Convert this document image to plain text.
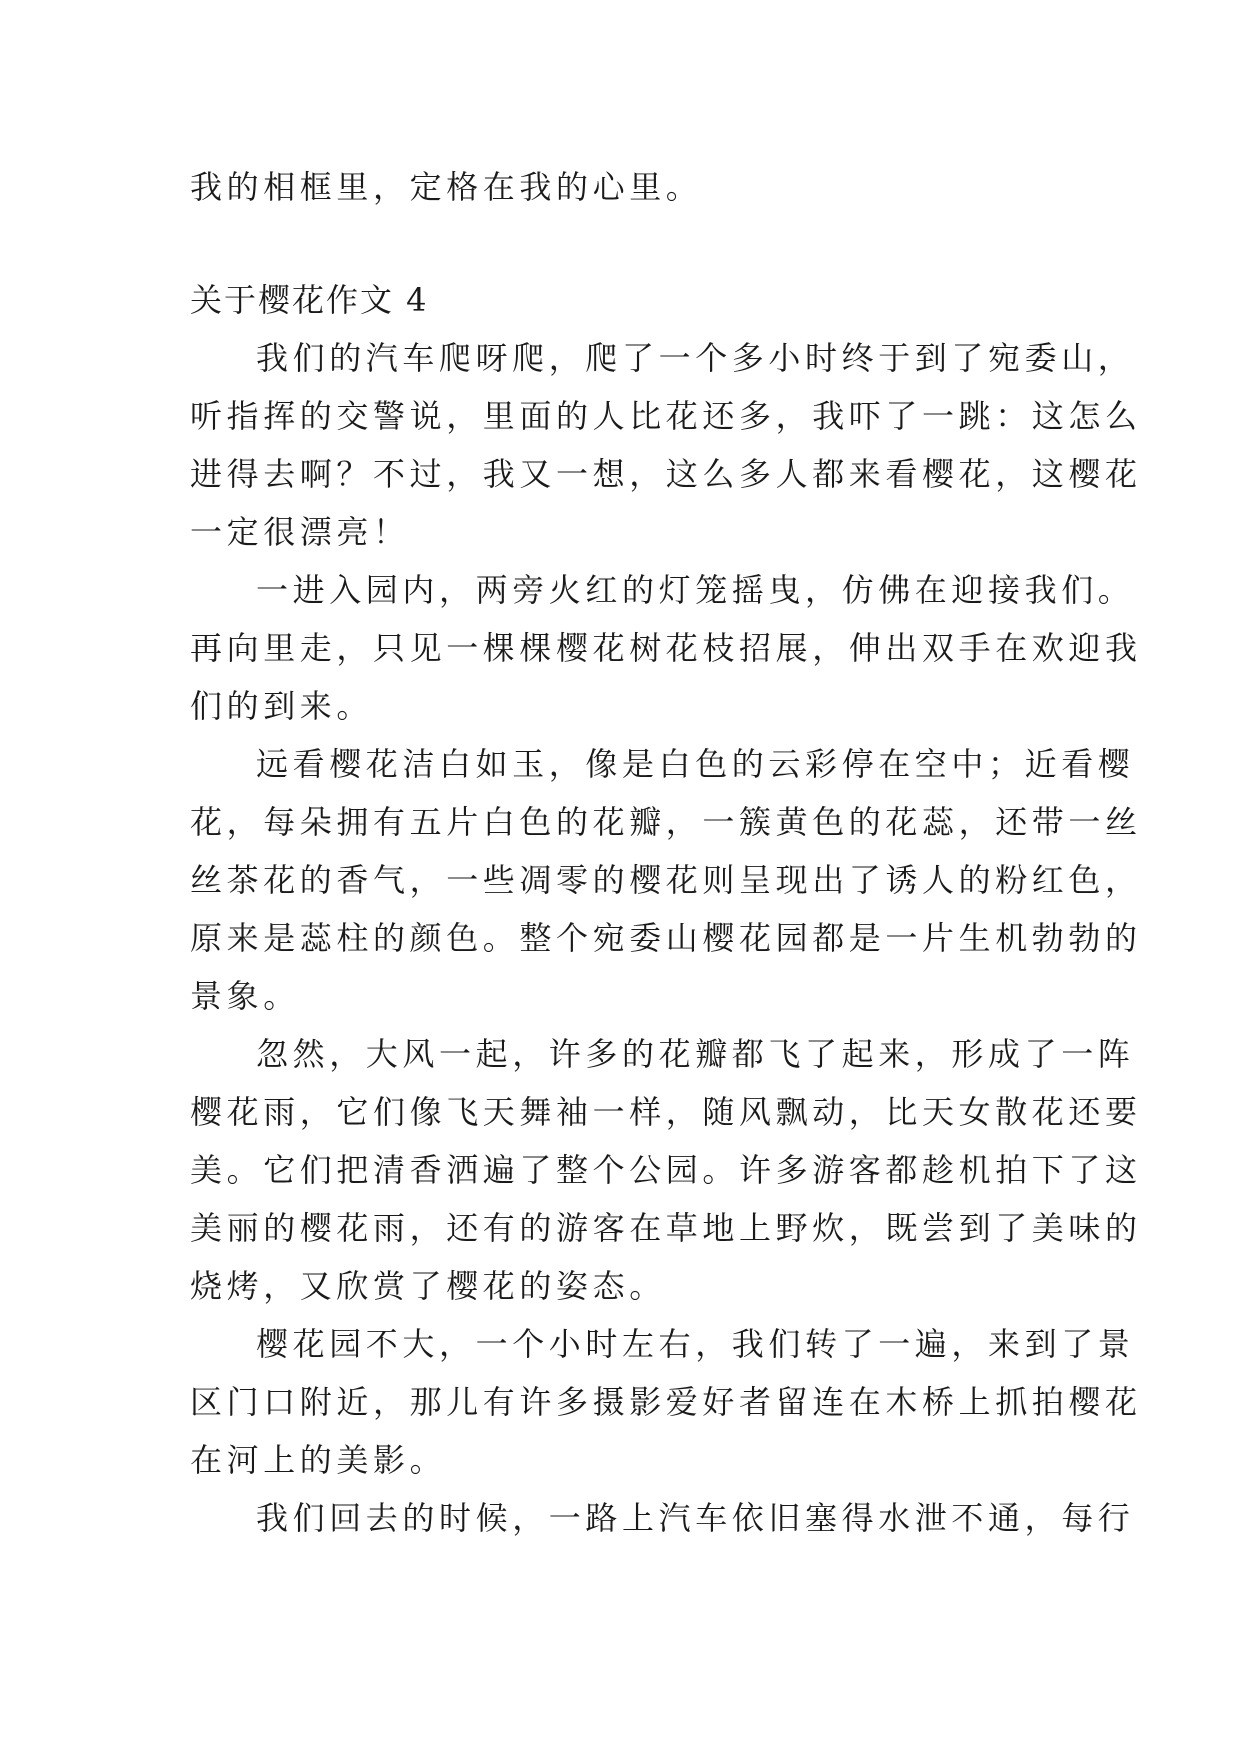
我的相框里，定格在我的心里。

关于樱花作文 4

我们的汽车爬呀爬，爬了一个多小时终于到了宛委山，
听指挥的交警说，里面的人比花还多，我吓了一跳：这怎么
进得去啊？不过，我又一想，这么多人都来看樱花，这樱花
一定很漂亮！

一进入园内，两旁火红的灯笼摇曳，仿佛在迎接我们。
再向里走，只见一棵棵樱花树花枝招展，伸出双手在欢迎我
们的到来。

远看樱花洁白如玉，像是白色的云彩停在空中；近看樱
花，每朵拥有五片白色的花瓣，一簇黄色的花蕊，还带一丝
丝茶花的香气，一些凋零的樱花则呈现出了诱人的粉红色，
原来是蕊柱的颜色。整个宛委山樱花园都是一片生机勃勃的
景象。

忽然，大风一起，许多的花瓣都飞了起来，形成了一阵
樱花雨，它们像飞天舞袖一样，随风飘动，比天女散花还要
美。它们把清香洒遍了整个公园。许多游客都趁机拍下了这
美丽的樱花雨，还有的游客在草地上野炊，既尝到了美味的
烧烤，又欣赏了樱花的姿态。

樱花园不大，一个小时左右，我们转了一遍，来到了景
区门口附近，那儿有许多摄影爱好者留连在木桥上抓拍樱花
在河上的美影。

我们回去的时候，一路上汽车依旧塞得水泄不通，每行
